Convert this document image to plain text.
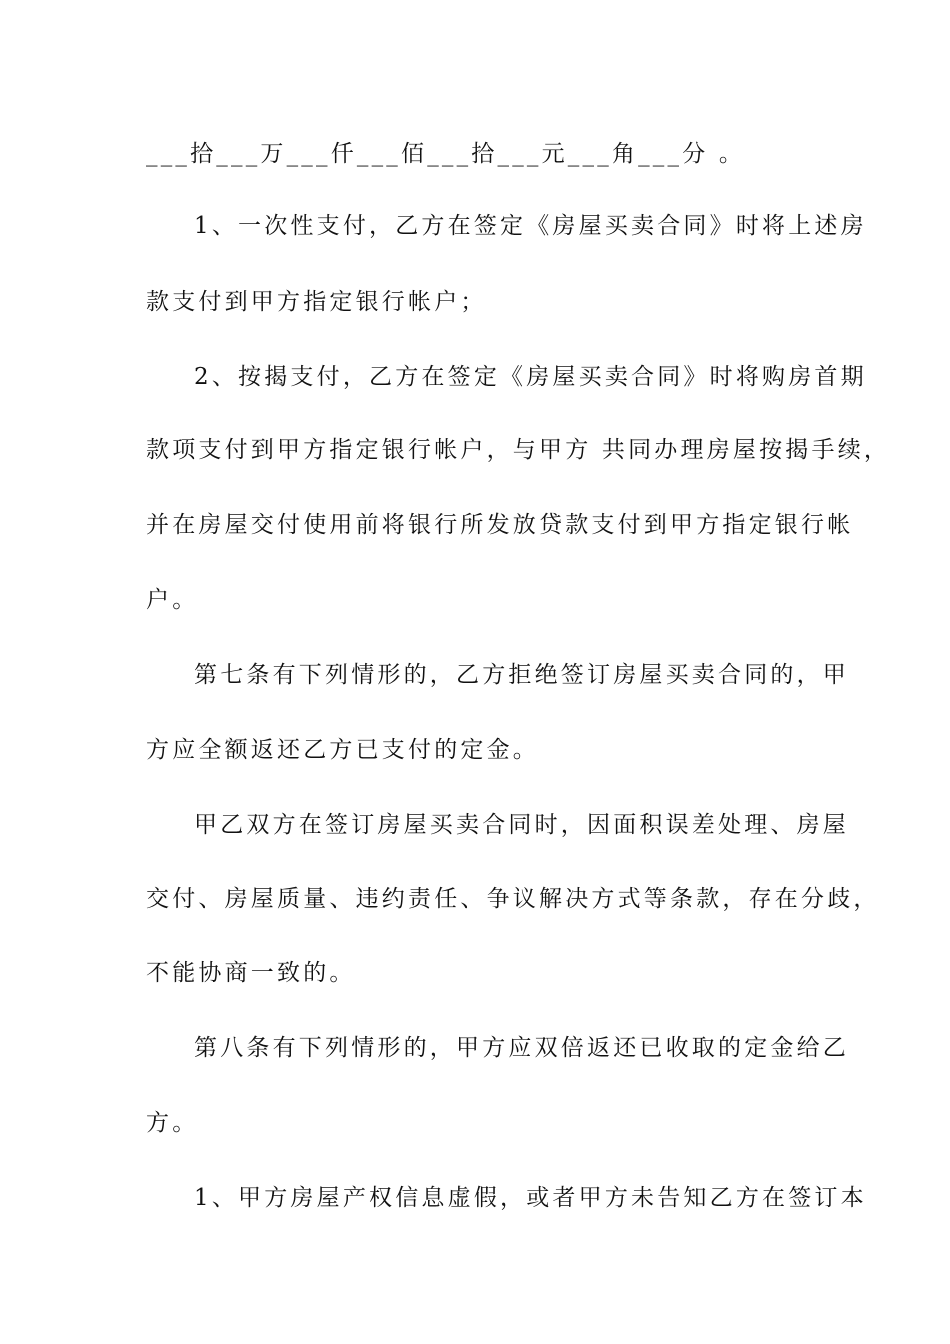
___拾___万___仟___佰___拾___元___角___分 。

1、一次性支付，乙方在签定《房屋买卖合同》时将上述房

款支付到甲方指定银行帐户；

2、按揭支付，乙方在签定《房屋买卖合同》时将购房首期

款项支付到甲方指定银行帐户，与甲方 共同办理房屋按揭手续，

并在房屋交付使用前将银行所发放贷款支付到甲方指定银行帐

户。

第七条有下列情形的，乙方拒绝签订房屋买卖合同的，甲

方应全额返还乙方已支付的定金。

甲乙双方在签订房屋买卖合同时，因面积误差处理、房屋

交付、房屋质量、违约责任、争议解决方式等条款，存在分歧，

不能协商一致的。

第八条有下列情形的，甲方应双倍返还已收取的定金给乙

方。

1、甲方房屋产权信息虚假，或者甲方未告知乙方在签订本
